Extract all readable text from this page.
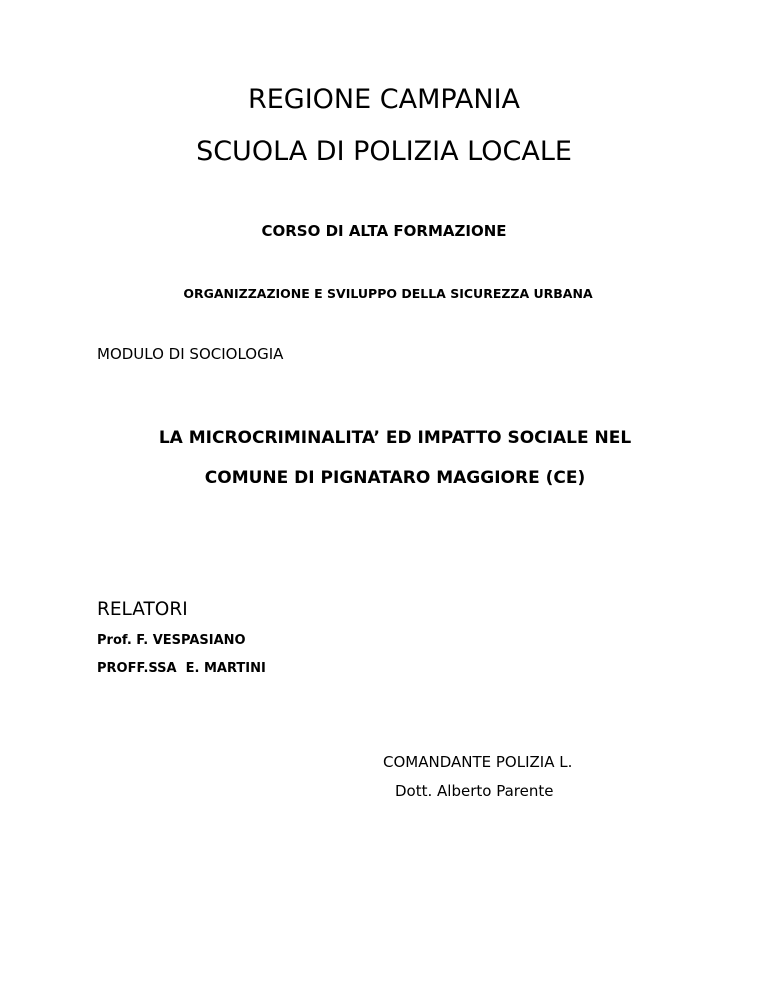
REGIONE CAMPANIA
SCUOLA DI POLIZIA LOCALE
CORSO DI ALTA FORMAZIONE
ORGANIZZAZIONE E SVILUPPO DELLA SICUREZZA URBANA
MODULO DI SOCIOLOGIA
LA MICROCRIMINALITA’ ED IMPATTO SOCIALE NEL
COMUNE DI PIGNATARO MAGGIORE (CE)
RELATORI
Prof. F. VESPASIANO
PROFF.SSA  E. MARTINI
COMANDANTE POLIZIA L.
Dott. Alberto Parente
